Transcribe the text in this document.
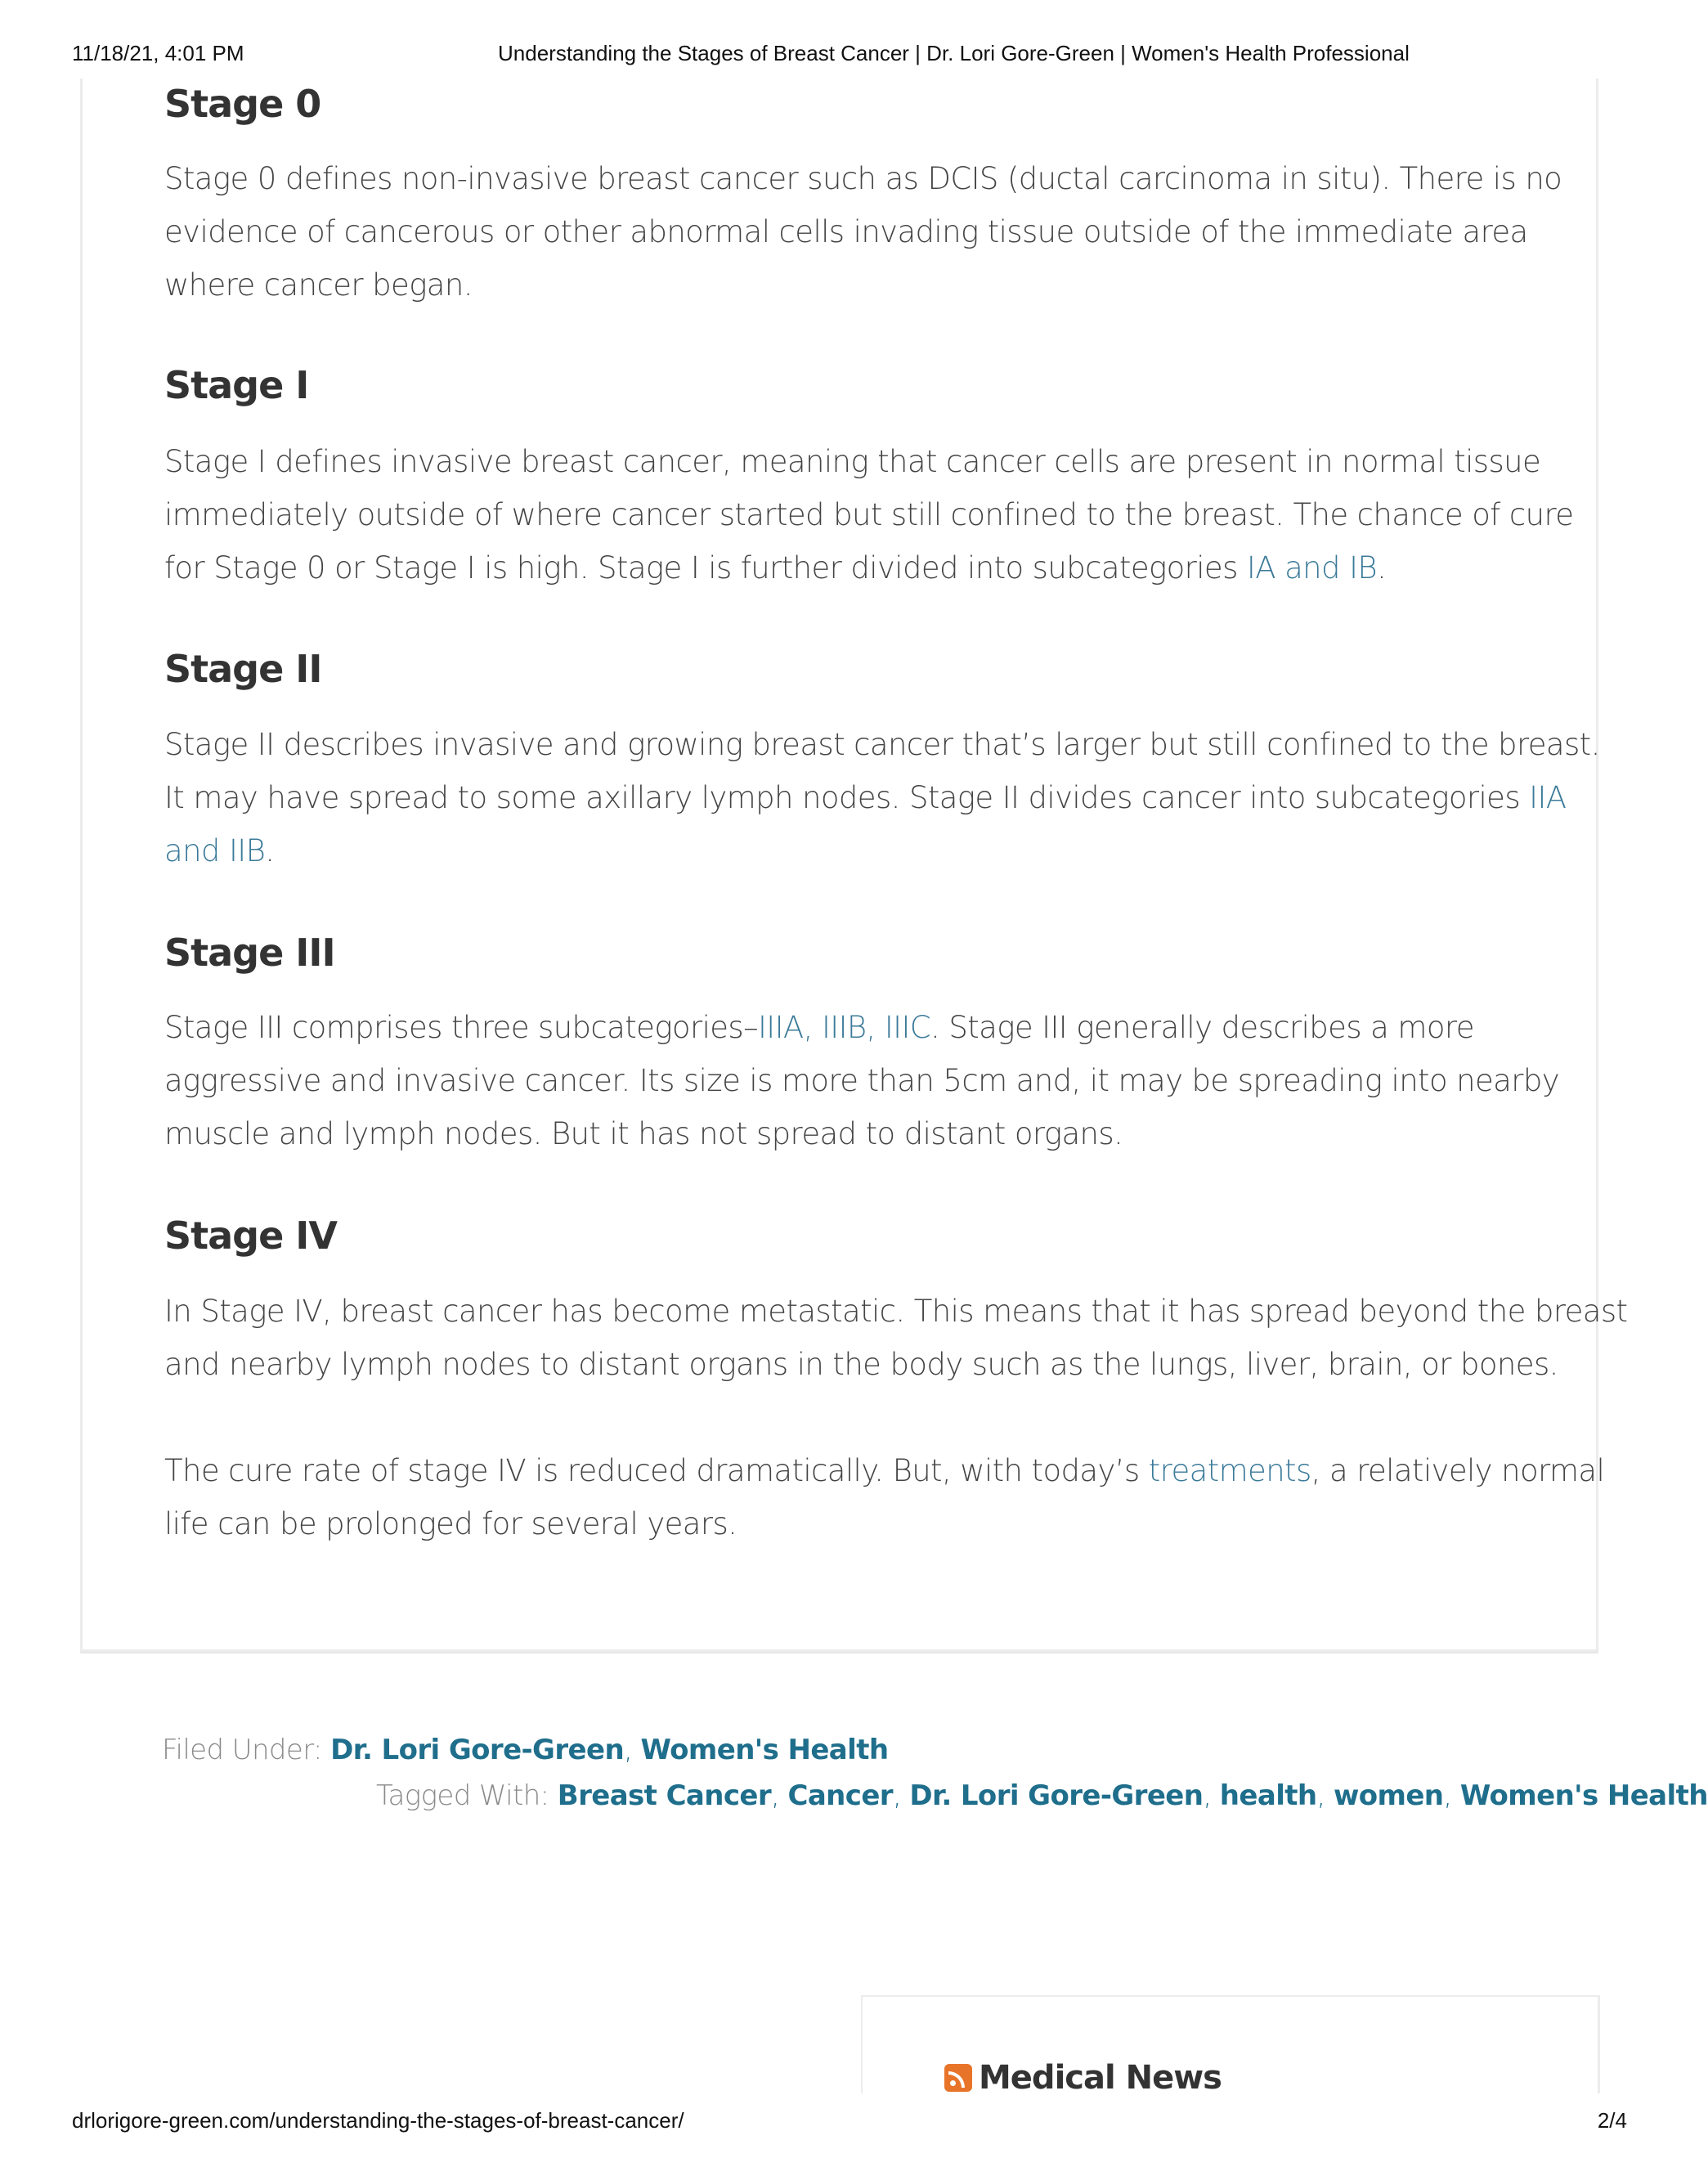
11/18/21, 4:01 PM	Understanding the Stages of Breast Cancer | Dr. Lori Gore-Green | Women's Health Professional
Stage 0
Stage 0 defines non-invasive breast cancer such as DCIS (ductal carcinoma in situ). There is no
evidence of cancerous or other abnormal cells invading tissue outside of the immediate area
where cancer began.
Stage I
Stage I defines invasive breast cancer, meaning that cancer cells are present in normal tissue
immediately outside of where cancer started but still confined to the breast. The chance of cure
for Stage 0 or Stage I is high. Stage I is further divided into subcategories IA and IB.
Stage II
Stage II describes invasive and growing breast cancer that’s larger but still confined to the breast.
It may have spread to some axillary lymph nodes. Stage II divides cancer into subcategories IIA
and IIB.
Stage III
Stage III comprises three subcategories–IIIA, IIIB, IIIC. Stage III generally describes a more
aggressive and invasive cancer. Its size is more than 5cm and, it may be spreading into nearby
muscle and lymph nodes. But it has not spread to distant organs.
Stage IV
In Stage IV, breast cancer has become metastatic. This means that it has spread beyond the breast
and nearby lymph nodes to distant organs in the body such as the lungs, liver, brain, or bones.
The cure rate of stage IV is reduced dramatically. But, with today’s treatments, a relatively normal
life can be prolonged for several years.
Filed Under: Dr. Lori Gore-Green, Women's Health
Tagged With: Breast Cancer, Cancer, Dr. Lori Gore-Green, health, women, Women's Health
Medical News
drlorigore-green.com/understanding-the-stages-of-breast-cancer/	2/4
